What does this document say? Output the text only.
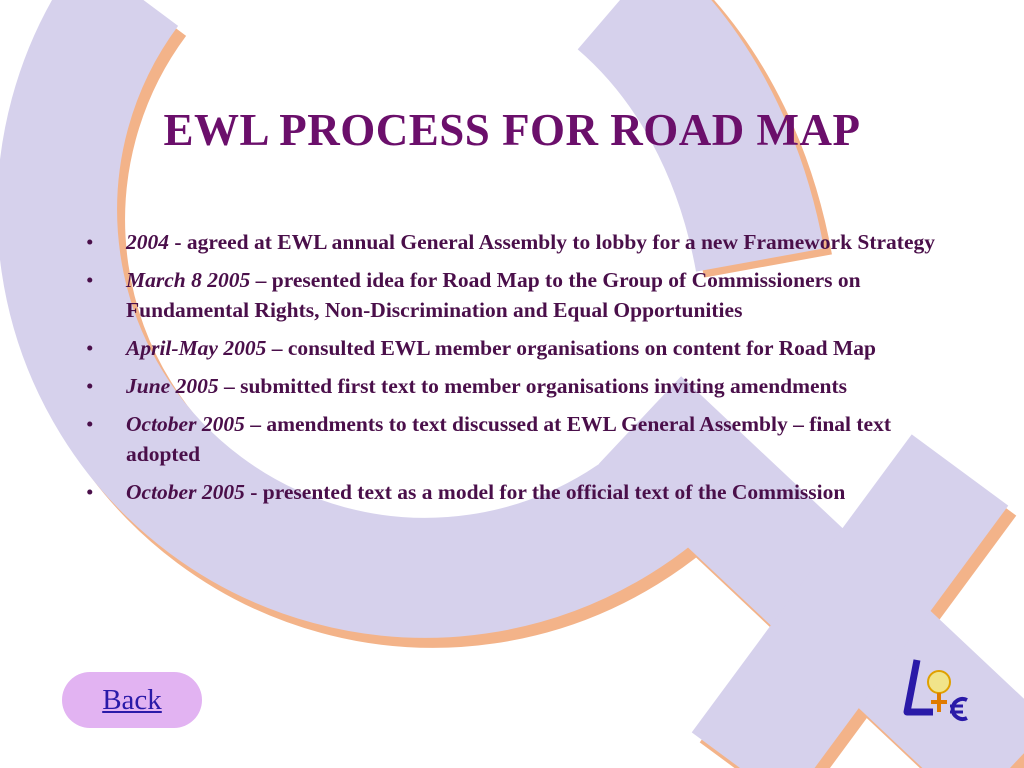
EWL PROCESS FOR ROAD MAP
• 2004 - agreed at EWL annual General Assembly to lobby for a new Framework Strategy
• March 8 2005 – presented idea for Road Map to the Group of Commissioners on Fundamental Rights, Non-Discrimination and Equal Opportunities
• April-May 2005 – consulted EWL member organisations on content for Road Map
• June 2005 – submitted first text to member organisations inviting amendments
• October 2005 – amendments to text discussed at EWL General Assembly – final text adopted
• October 2005 - presented text as a model for the official text of the Commission
Back
